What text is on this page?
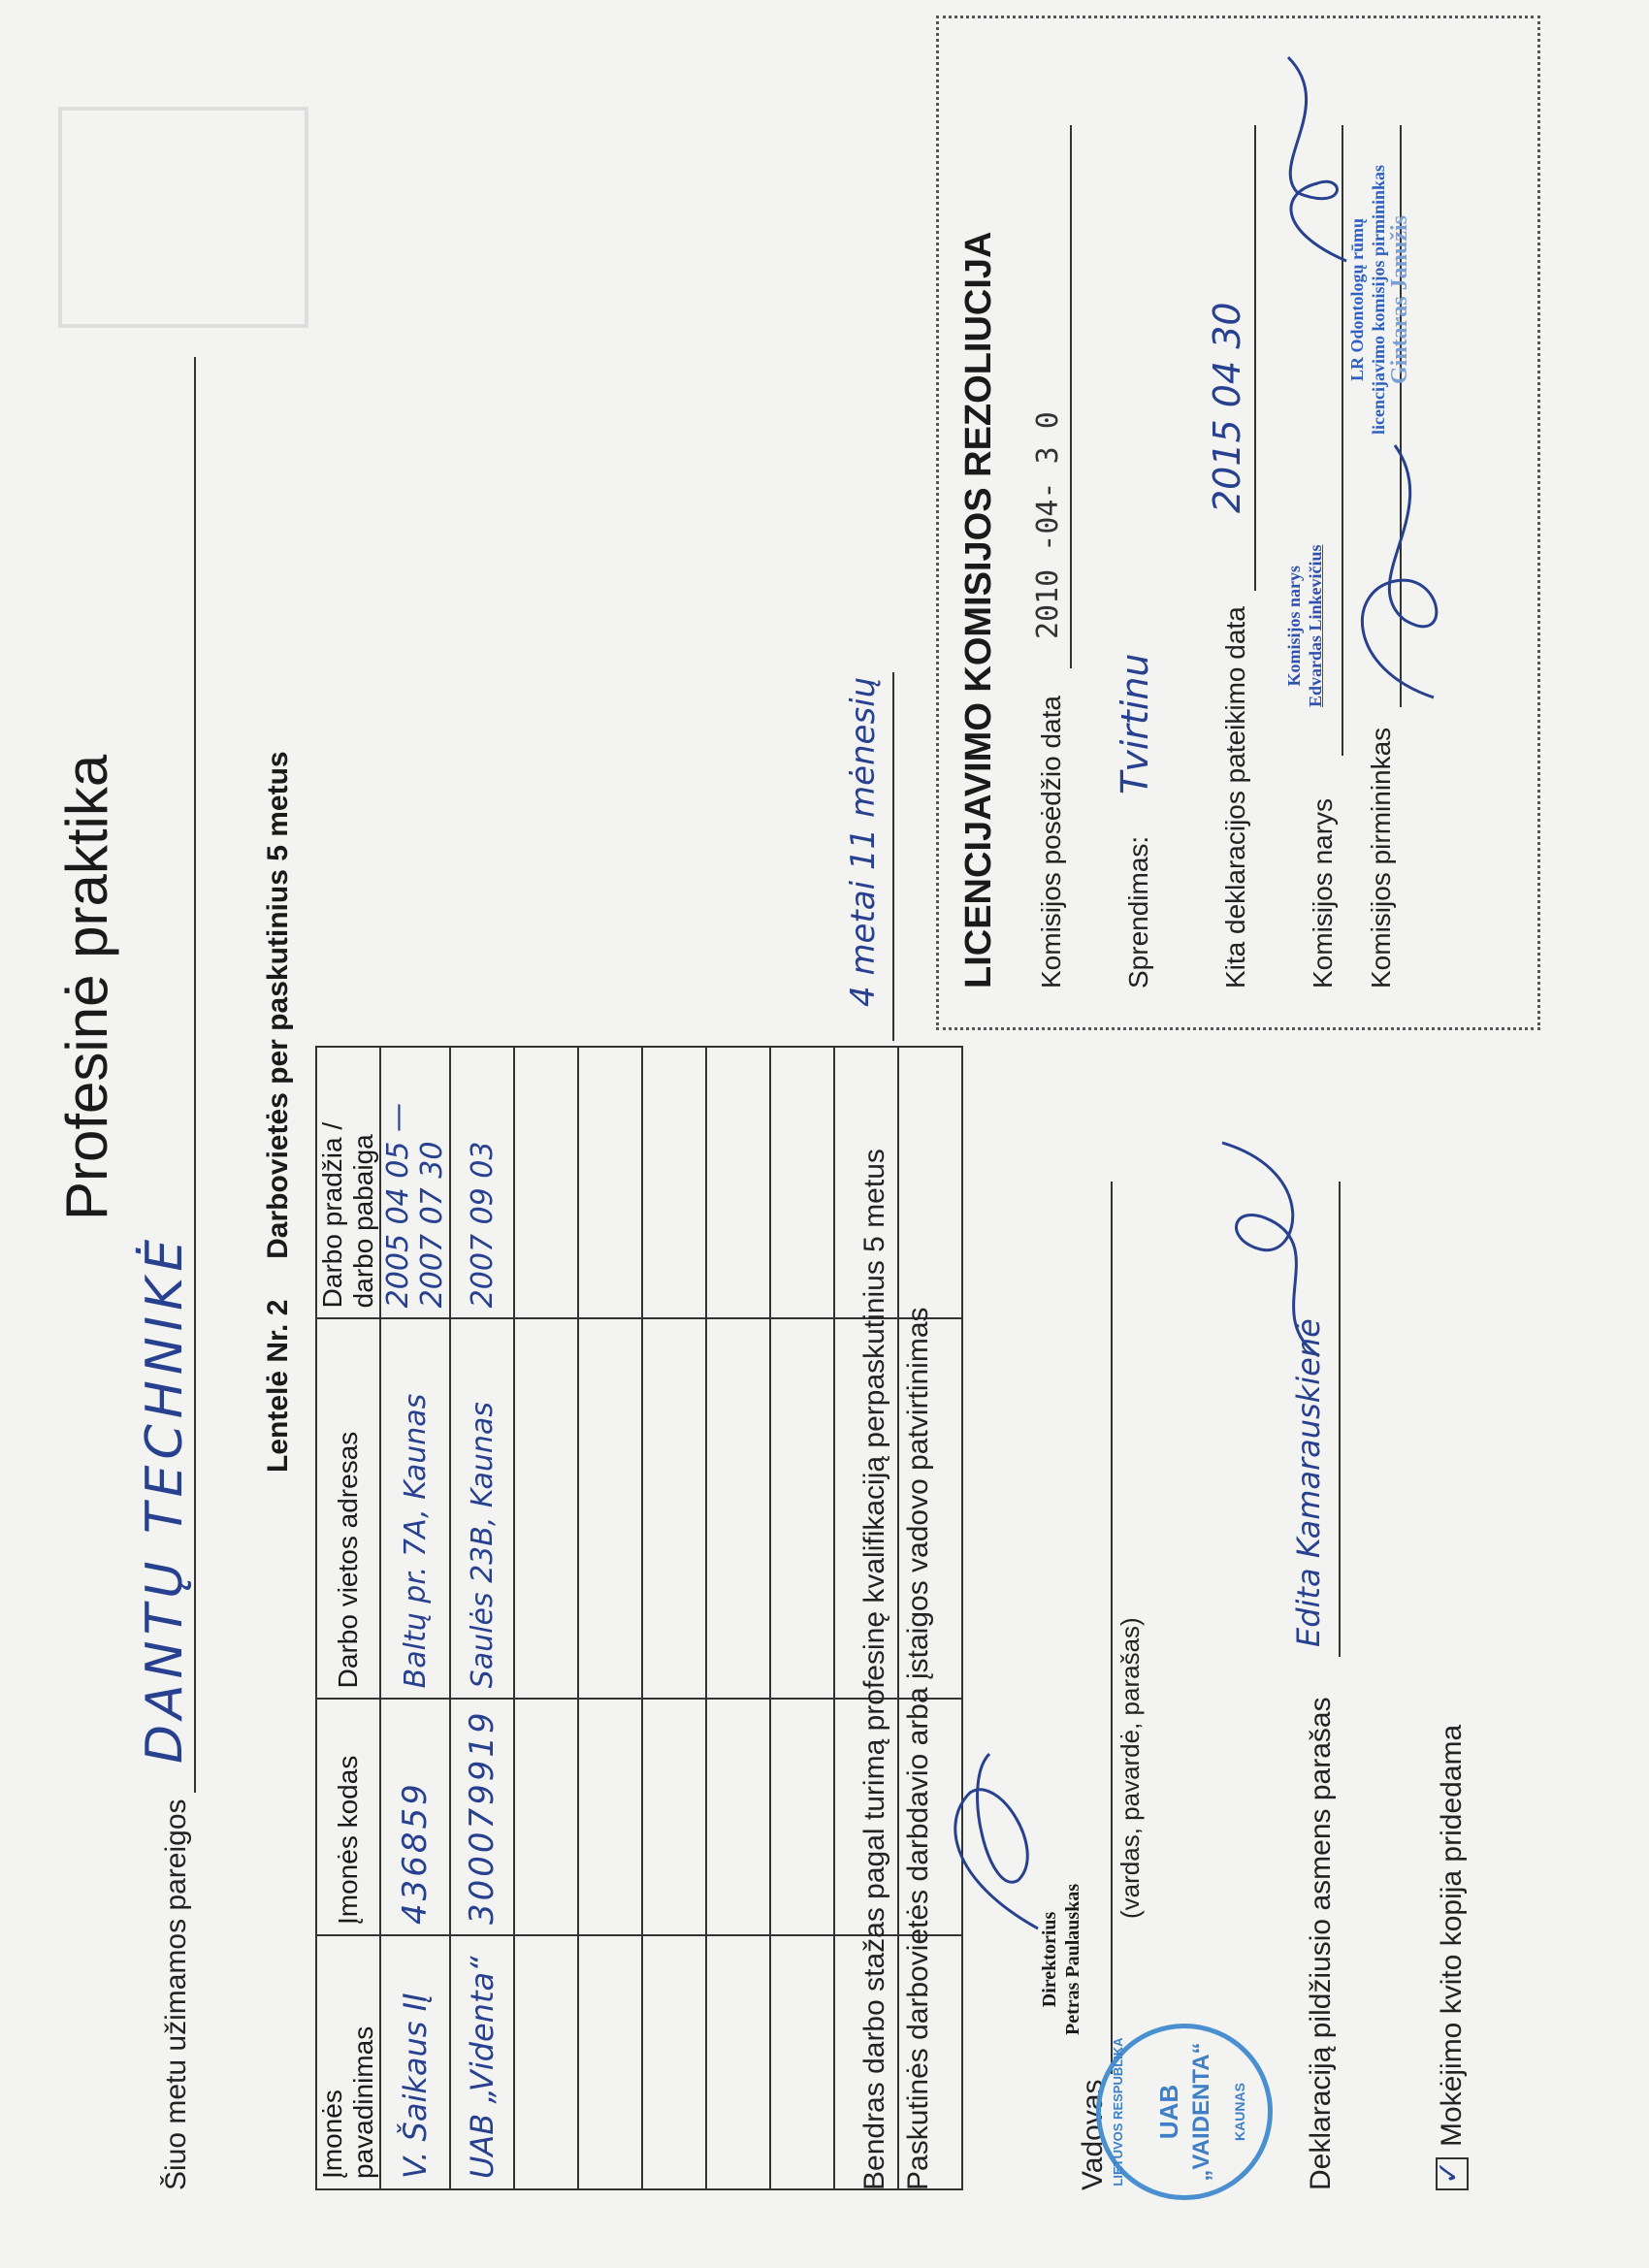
Šiuo metu užimamos pareigos
DANTŲ TECHNIKĖ
Profesinė praktika
Lentelė Nr. 2     Darbovietės per paskutinius 5 metus
Įmonės pavadinimas	Įmonės kodas	Darbo vietos adresas	Darbo pradžia / darbo pabaiga
V. Šaikaus IĮ	436859	Baltų pr. 7A, Kaunas	2005 04 05 — 2007 07 30
UAB „Videnta“	300079919	Saulės 23B, Kaunas	2007 09 03

				Bendras darbo stažas pagal turimą profesinę kvalifikaciją perpaskutinius 5 metus
4 metai 11 mėnesių
Paskutinės darbovietės darbdavio arba įstaigos vadovo patvirtinimas	Direktorius Petras Paulauskas
Vadovas
(vardas, pavardė, parašas)
LIETUVOS RESPUBLIKA UAB „VAIDENTA“ KAUNAS Deklaraciją pildžiusio asmens parašas
Edita Kamarauskienė
✓
Mokėjimo kvito kopija pridedama
LICENCIJAVIMO KOMISIJOS REZOLIUCIJA Komisijos posėdžio data
2010 -04- 3 0
Sprendimas:
Tvirtinu Kita deklaracijos pateikimo data
2015 04 30
Komisijos narys
Komisijos narys Edvardas Linkevičius
Komisijos pirmininkas
LR Odontologų rūmų licencijavimo komisijos pirmininkas Gintaras Janužis
